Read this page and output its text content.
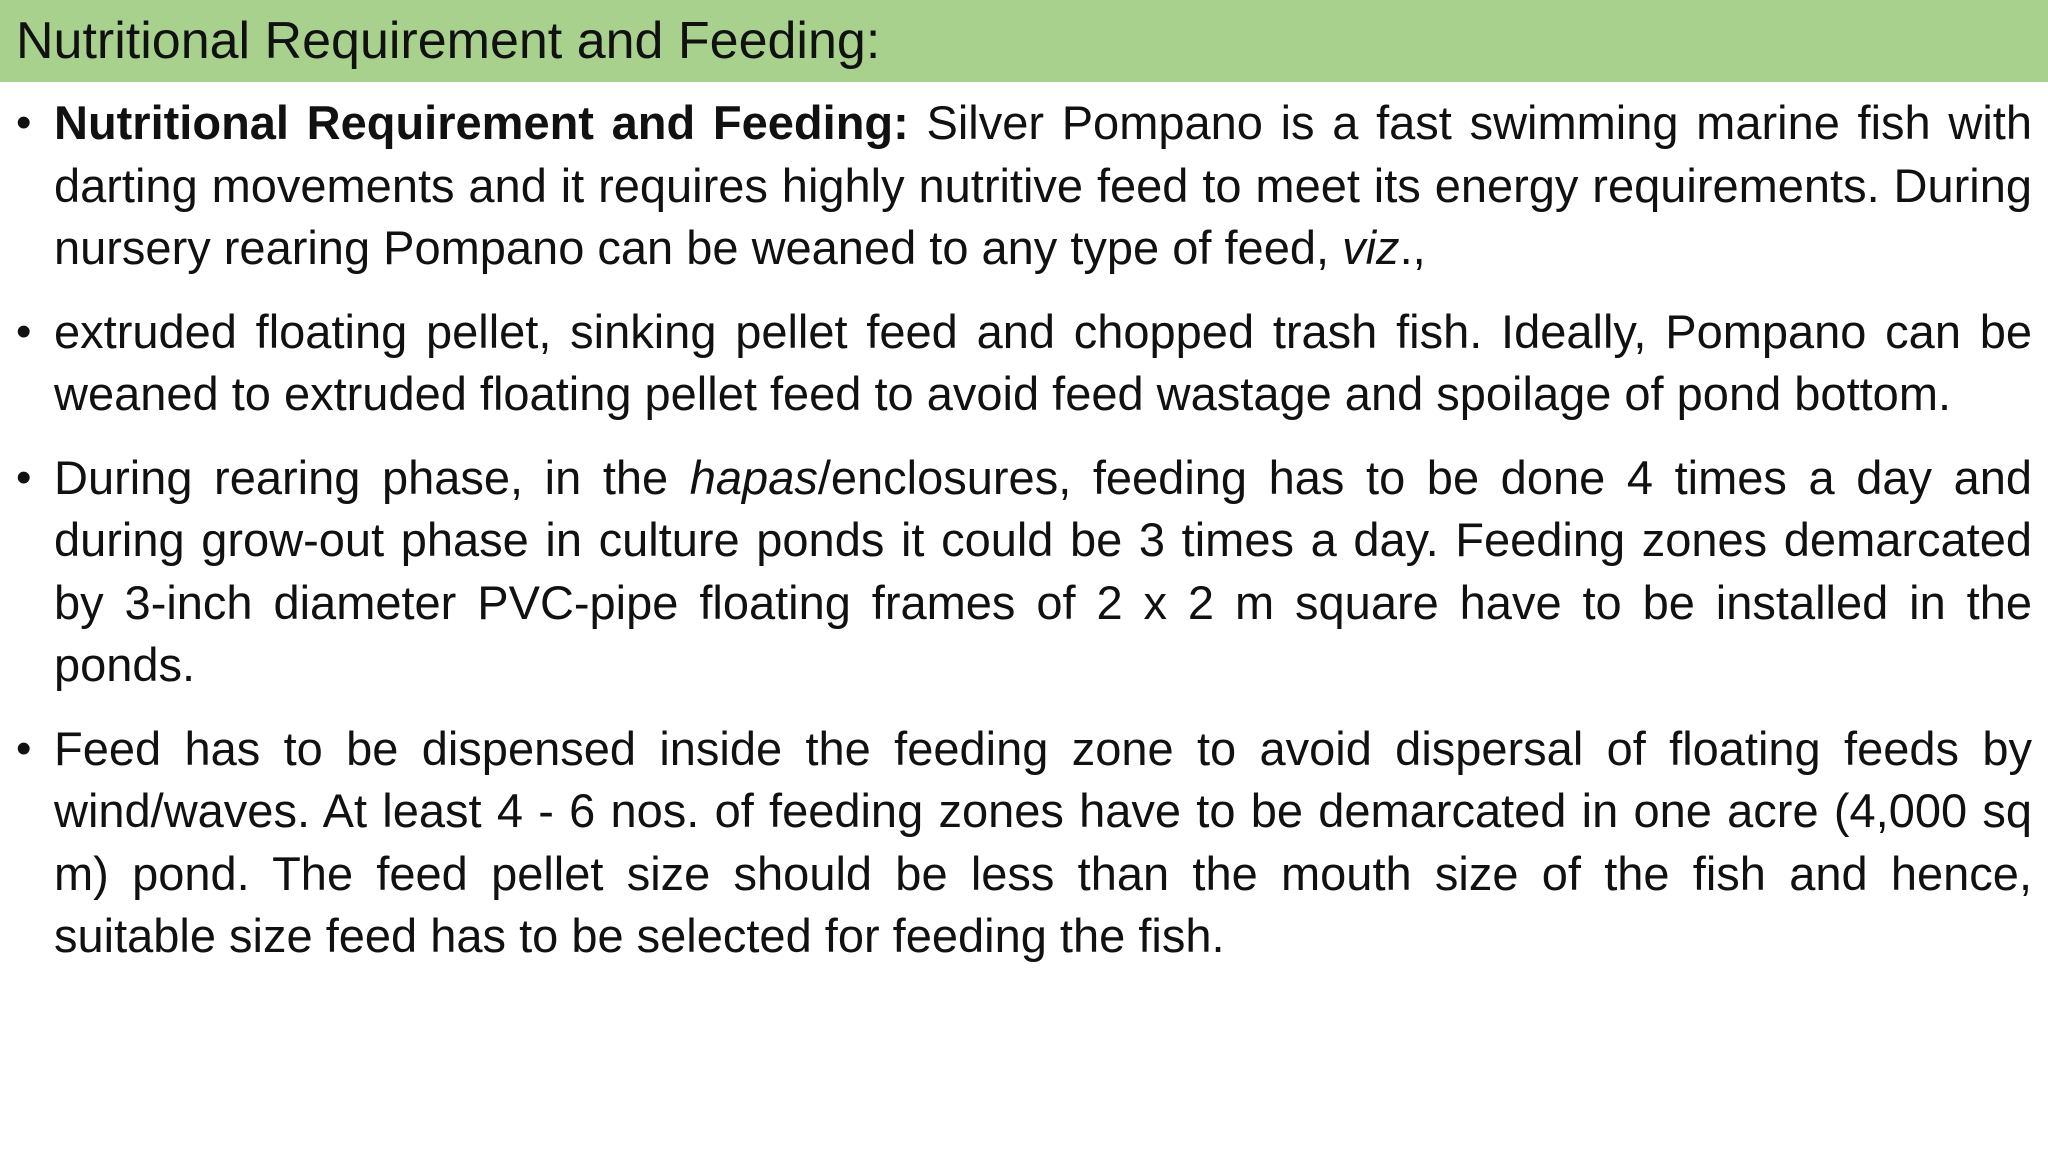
Nutritional Requirement and Feeding:

• Nutritional Requirement and Feeding: Silver Pompano is a fast swimming marine fish with darting movements and it requires highly nutritive feed to meet its energy requirements. During nursery rearing Pompano can be weaned to any type of feed, viz.,

• extruded floating pellet, sinking pellet feed and chopped trash fish. Ideally, Pompano can be weaned to extruded floating pellet feed to avoid feed wastage and spoilage of pond bottom.

• During rearing phase, in the hapas/enclosures, feeding has to be done 4 times a day and during grow-out phase in culture ponds it could be 3 times a day. Feeding zones demarcated by 3-inch diameter PVC-pipe floating frames of 2 x 2 m square have to be installed in the ponds.

• Feed has to be dispensed inside the feeding zone to avoid dispersal of floating feeds by wind/waves. At least 4 - 6 nos. of feeding zones have to be demarcated in one acre (4,000 sq m) pond. The feed pellet size should be less than the mouth size of the fish and hence, suitable size feed has to be selected for feeding the fish.
